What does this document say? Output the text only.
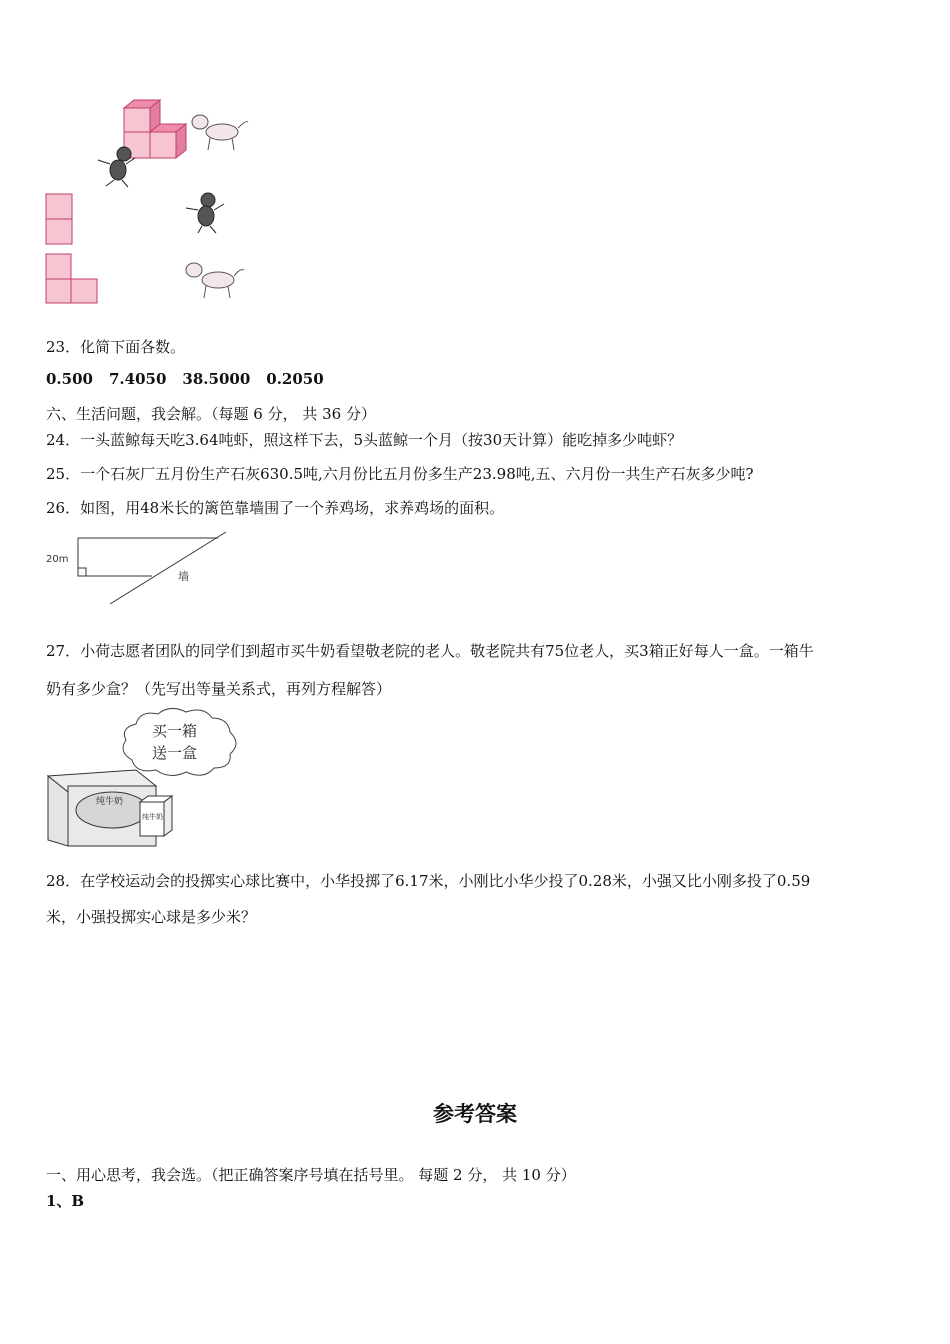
23．化简下面各数。
0.500 7.4050 38.5000 0.2050
六、生活问题，我会解。（每题 6 分， 共 36 分）
24．一头蓝鲸每天吃3.64吨虾，照这样下去，5头蓝鲸一个月（按30天计算）能吃掉多少吨虾？
25．一个石灰厂五月份生产石灰630.5吨,六月份比五月份多生产23.98吨,五、六月份一共生产石灰多少吨?
26．如图，用48米长的篱笆靠墙围了一个养鸡场，求养鸡场的面积。
20m
墙
27．小荷志愿者团队的同学们到超市买牛奶看望敬老院的老人。敬老院共有75位老人，买3箱正好每人一盒。一箱牛
奶有多少盒？（先写出等量关系式，再列方程解答）
买一箱
送一盒
纯牛奶
纯牛奶
28．在学校运动会的投掷实心球比赛中，小华投掷了6.17米，小刚比小华少投了0.28米，小强又比小刚多投了0.59
米，小强投掷实心球是多少米？
参考答案
一、用心思考，我会选。（把正确答案序号填在括号里。 每题 2 分， 共 10 分）
1、B
